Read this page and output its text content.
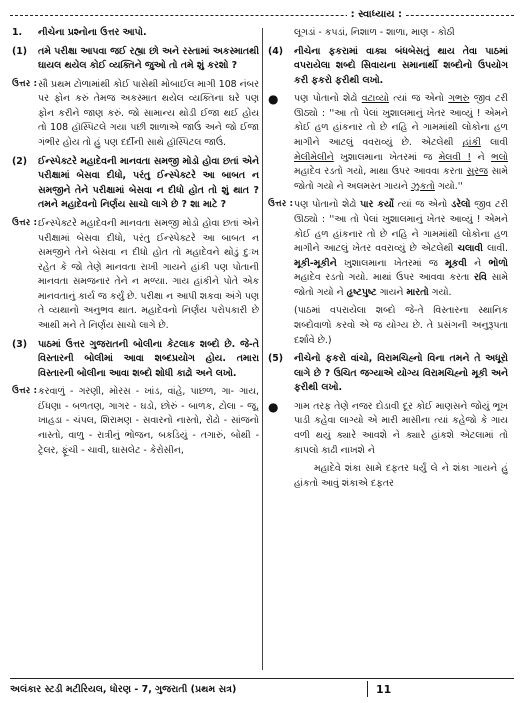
: સ્વાધ્યાય :
1.	નીચેના પ્રશ્નોના ઉત્તર આપો.
(1)	તમે પરીક્ષા આપવા જઈ રહ્યા છો અને રસ્તામાં અકસ્માતથી ઘાયલ થયેલ કોઈ વ્યક્તિને જુઓ તો તમે શું કરશો ?
ઉત્તર : સૌ પ્રથમ ટોળામાંથી કોઈ પાસેથી મોબાઈલ માગી 108 નંબર પર ફોન કરું તેમજ અકસ્માત થયેલ વ્યક્તિના ઘરે પણ ફોન કરીને જાણ કરું. જો સામાન્ય થોડી ઈજા થઈ હોય તો 108 હૉસ્પિટલે ગયા પછી શાળાએ જાઉં અને જો ઈજા ગંભીર હોય તો હું પણ દર્દીની સાથે હૉસ્પિટલ જાઉં.
(2)	ઈન્સ્પેક્ટરે મહાદેવની માનવતા સમજી મોડો હોવા છતાં એને પરીક્ષામાં બેસવા દીધો, પરંતુ ઈન્સ્પેક્ટરે આ બાબત ન સમજીને તેને પરીક્ષામાં બેસવા ન દીધો હોત તો શું થાત ? તમને મહાદેવનો નિર્ણય સાચો લાગે છે ? શા માટે ?
ઉત્તર : ઈન્સ્પેક્ટરે મહાદેવની માનવતા સમજી મોડો હોવા છતાં એને પરીક્ષામાં બેસવા દીધો, પરંતુ ઈન્સ્પેક્ટરે આ બાબત ન સમજીને તેને બેસવા ન દીધો હોત તો મહાદેવને થોડું દુઃખ રહેત કે જો તેણે માનવતા રાખી ગાયને હાંકી પણ પોતાની માનવતા સમજનાર તેને ન મળ્યા. ગાય હાંકીને પોતે એક માનવતાનું કાર્ય જ કર્યું છે. પરીક્ષા ન આપી શકવા અંગે પણ તે વ્યથાનો અનુભવ થાત. મહાદેવનો નિર્ણય પરોપકારી છે આથી મને તે નિર્ણય સાચો લાગે છે.
(3)	પાઠમાં ઉત્તર ગુજરાતની બોલીના કેટલાક શબ્દો છે. જે-તે વિસ્તારની બોલીમાં આવા શબ્દપ્રયોગ હોય. તમારા વિસ્તારની બોલીના આવા શબ્દો શોધી કાઢો અને લખો.
ઉત્તર : કરવાળું - ગરણી, મોરસ - ખાંડ, વાંહે, પાછળ, ગા- ગાય, ઈંધણા - બળતણ, ગાગર - ઘડો, છોરું - બાળક, ટોલા - જૂ, ખાહડા - ચંપલ, શિરામણ - સવારનો નાસ્તો, રોંઢો - સાંજનો નાસ્તો, વાળુ - રાત્રીનું ભોજન, બકડિયું - તગારું, બોથી - ટ્રેલર, ફૂંચી - ચાવી, ઘાસલેટ - કેરોસીન,
લૂગડાં - કપડાં, નિશાળ - શાળા, માણ - કોઠી
(4)	નીચેના ફકરામાં વાક્ય બંધબેસતું થાય તેવા પાઠમાં વપરાયેલા શબ્દો સિવાયના સમાનાર્થી શબ્દોનો ઉપયોગ કરી ફકરો ફરીથી લખો.
●	પણ પોતાનો શેઢો વટાવ્યો ત્યાં જ એનો ગભરુ જીવ ટરી ઊઠ્યો : ''આ તો પેલાં ખુશાલમાનું ખેતર આવ્યું ! એમને કોઈ હળ હાંકનાર તો છે નહિ ને ગામમાંથી લોકોના હળ માગીને આટલું વવરાવ્યું છે. એટલેથી હાંકી લાવી મેલીમેલીને ખુશાલમાના ખેતરમાં જ મેલવી ! ને ભલો મહાદેવ રડતો ગયો, માથા ઉપર આવવા કરતા સુરજ સામે જોતો ગયો ને અલમસ્ત ગાયને ઝુકતો ગયો.''
ઉત્તર : પણ પોતાનો શેઢો પાર કર્યો ત્યાં જ એનો ડરેલો જીવ ટરી ઊઠ્યો : ''આ તો પેલાં ખુશાલમાનું ખેતર આવ્યું ! એમને કોઈ હળ હાંકનાર તો છે નહિ ને ગામમાંથી લોકોના હળ માગીને આટલું ખેતર વવરાવ્યું છે એટલેથી ચલાવી લાવી. મૂકી-મૂકીને ખુશાલમાના ખેતરમાં જ મૂકવી ને ભોળો મહાદેવ રડતો ગયો. માથાં ઉપર આવવા કરતા રવિ સામે જોતો ગયો ને હૃષ્ટપુષ્ટ ગાયને મારતો ગયો.
(પાઠમાં વપરાયેલા શબ્દો જે-તે વિસ્તારના સ્થાનિક શબ્દોવાળો કરવો એ જ યોગ્ય છે. તે પ્રસંગની અનુરૂપતા દર્શાવે છે.)
(5)	નીચેનો ફકરો વાંચો, વિરામચિહ્નો વિના તમને તે અધૂરો લાગે છે ? ઉચિત જગ્યાએ યોગ્ય વિરામચિહ્નો મૂકી અને ફરીથી લખો.
●	ગામ તરફ તેણે નજર દોડાવી દૂર કોઈ માણસને જોયું ભૂખ પાડી કહેવા લાગ્યો એ મારી માસીના ત્યાં કહેજો કે ગાય વળી થયું ક્યારે આવશે ને ક્યારે હાંકશે એટલામાં તો કાપલો કાઢી નાખશે ને
મહાદેવે શંકા સામે દફતર ધર્યું લે ને શંકા ગાયને હું હાંકતો આવું શંકાએ દફતર
અલંકાર સ્ટડી મટીરિયલ, ધોરણ - 7, ગુજરાતી (પ્રથમ સત્ર)	11
